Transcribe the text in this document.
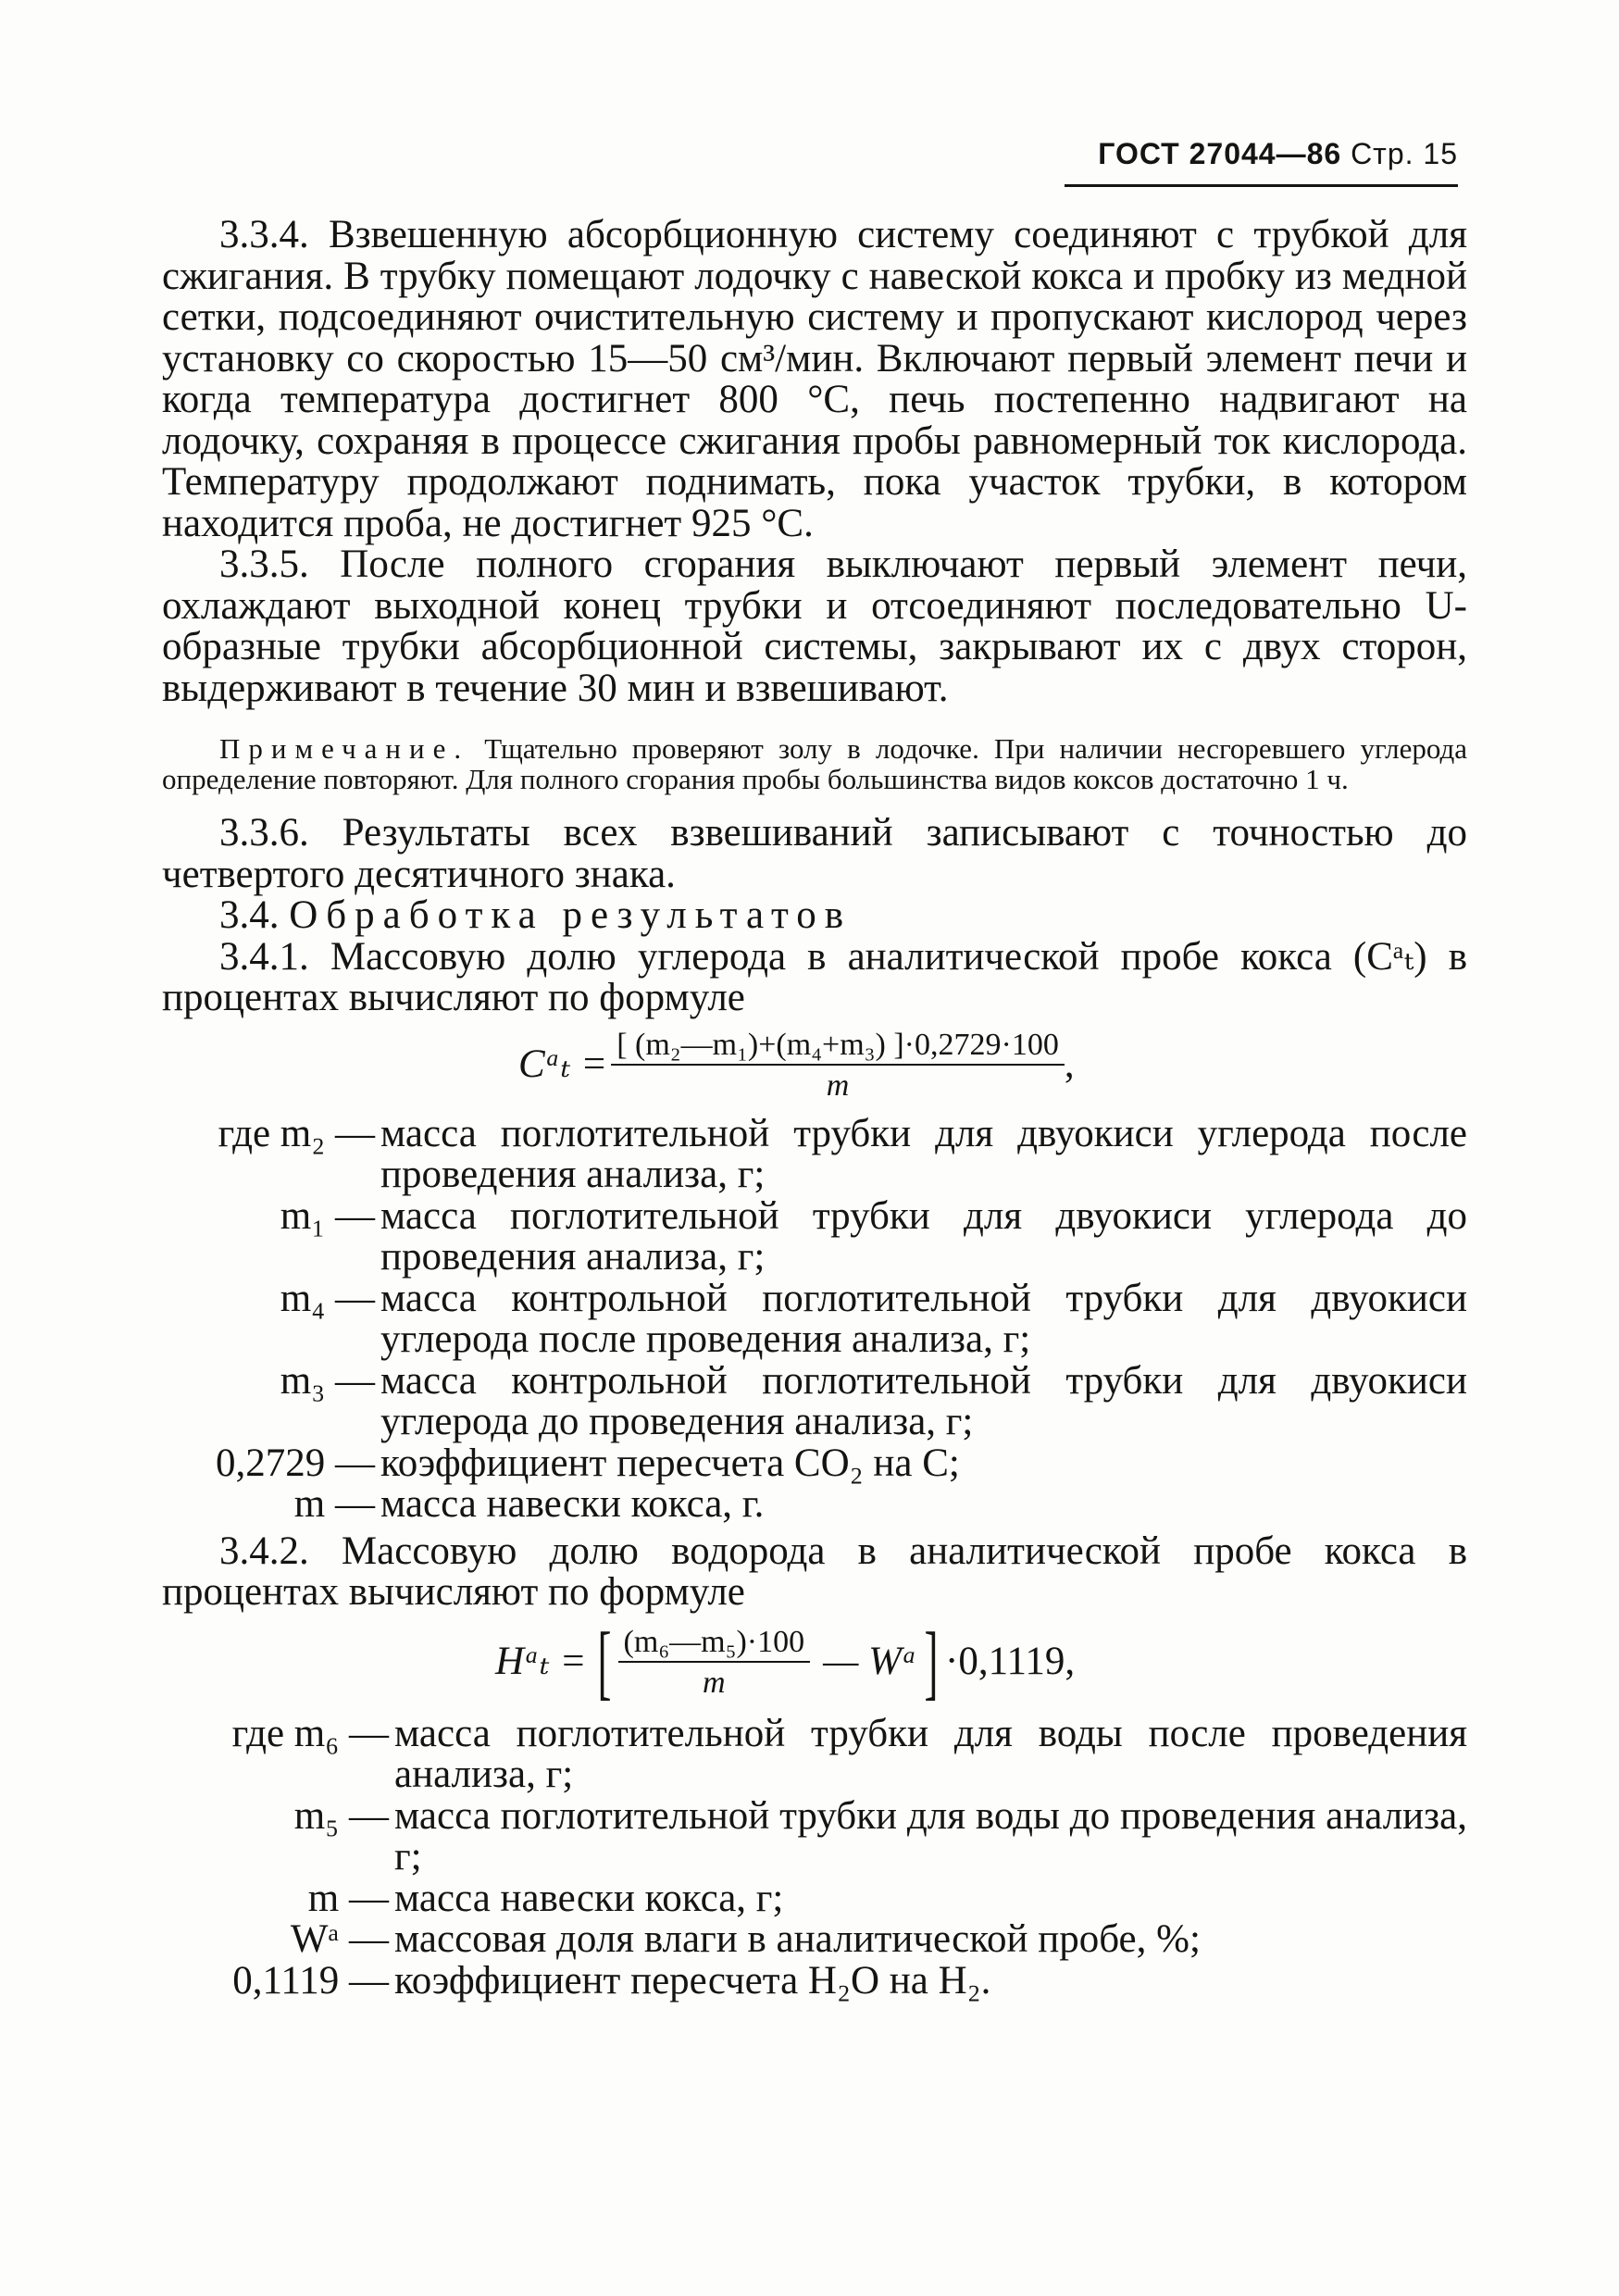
ГОСТ 27044—86 Стр. 15

3.3.4. Взвешенную абсорбционную систему соединяют с трубкой для сжигания. В трубку помещают лодочку с навеской кокса и пробку из медной сетки, подсоединяют очистительную систему и пропускают кислород через установку со скоростью 15—50 см³/мин. Включают первый элемент печи и когда температура достигнет 800 °С, печь постепенно надвигают на лодочку, сохраняя в процессе сжигания пробы равномерный ток кислорода. Температуру продолжают поднимать, пока участок трубки, в котором находится проба, не достигнет 925 °С.

3.3.5. После полного сгорания выключают первый элемент печи, охлаждают выходной конец трубки и отсоединяют последовательно U-образные трубки абсорбционной системы, закрывают их с двух сторон, выдерживают в течение 30 мин и взвешивают.

Примечание. Тщательно проверяют золу в лодочке. При наличии несгоревшего углерода определение повторяют. Для полного сгорания пробы большинства видов коксов достаточно 1 ч.

3.3.6. Результаты всех взвешиваний записывают с точностью до четвертого десятичного знака.

3.4. Обработка результатов

3.4.1. Массовую долю углерода в аналитической пробе кокса (Cᵃₜ) в процентах вычисляют по формуле

Cᵃₜ = $\frac{\text{[ (m₂—m₁)+(m₄+m₃) ]·0,2729·100}}{m}$ ,
где m₂ — масса поглотительной трубки для двуокиси углерода после проведения анализа, г;
m₁ — масса поглотительной трубки для двуокиси углерода до проведения анализа, г;
m₄ — масса контрольной поглотительной трубки для двуокиси углерода после проведения анализа, г;
m₃ — масса контрольной поглотительной трубки для двуокиси углерода до проведения анализа, г;
0,2729 — коэффициент пересчета CO₂ на C;
m — масса навески кокса, г.

3.4.2. Массовую долю водорода в аналитической пробе кокса в процентах вычисляют по формуле

Hᵃₜ = [ $\frac{\text{(m₆—m₅)·100}}{m}$ — Wᵃ ] ·0,1119,
где m₆ — масса поглотительной трубки для воды после проведения анализа, г;
m₅ — масса поглотительной трубки для воды до проведения анализа, г;
m — масса навески кокса, г;
Wᵃ — массовая доля влаги в аналитической пробе, %;
0,1119 — коэффициент пересчета H₂O на H₂.
